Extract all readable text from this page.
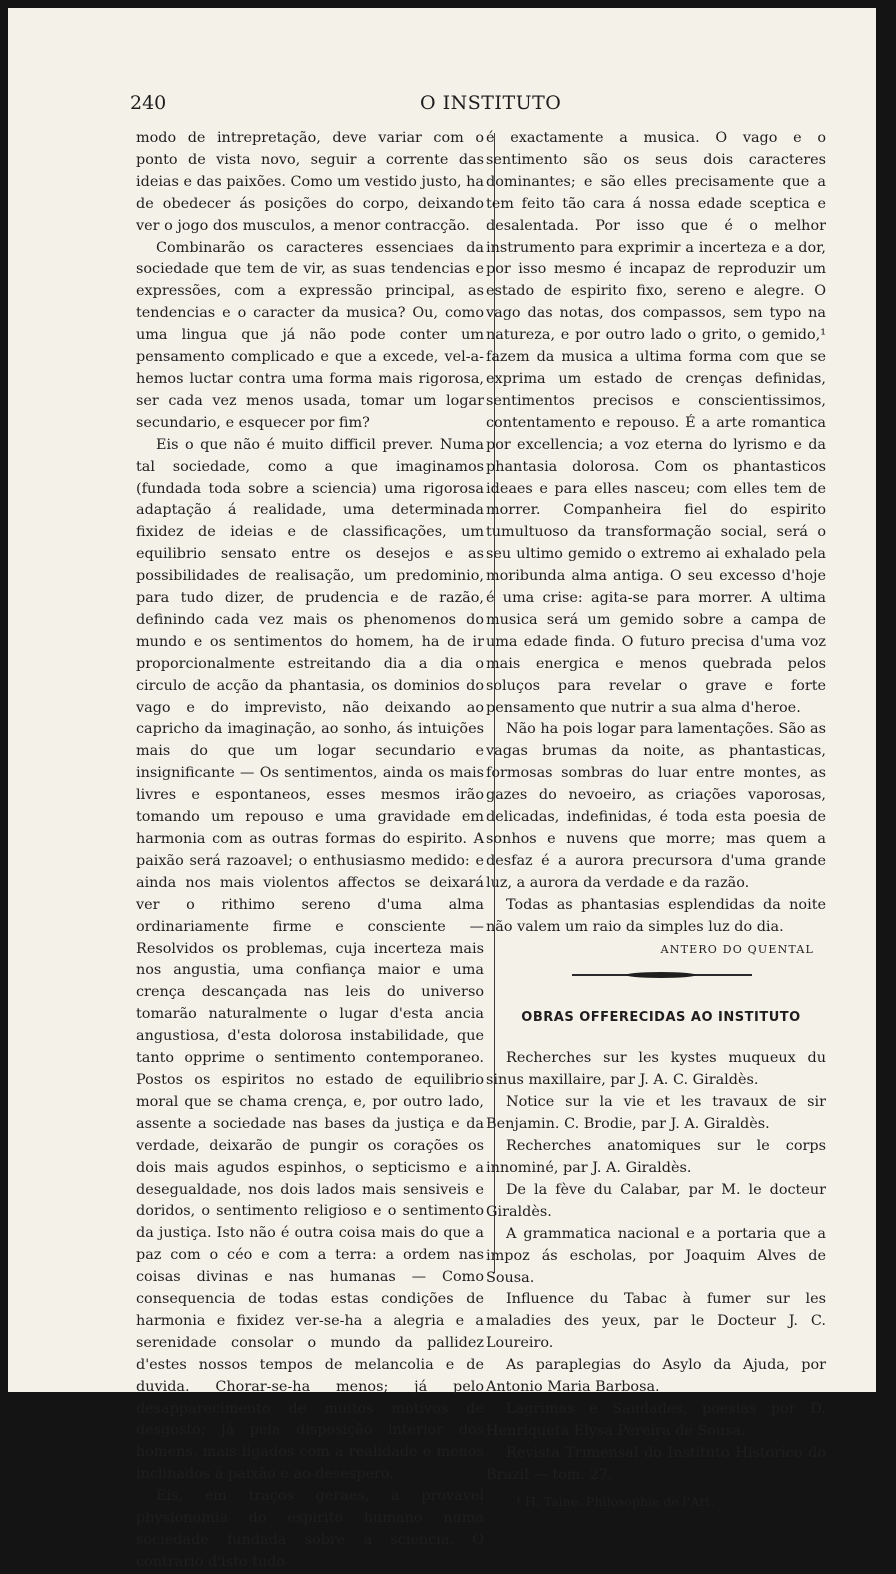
240	O INSTITUTO

modo de intrepretação, deve variar com o ponto de vista novo, seguir a corrente das ideias e das paixões. Como um vestido justo, ha de obedecer ás posições do corpo, deixando ver o jogo dos musculos, a menor contracção.

Combinarão os caracteres essenciaes da sociedade que tem de vir, as suas tendencias e expressões, com a expressão principal, as tendencias e o caracter da musica? Ou, como uma lingua que já não pode conter um pensamento complicado e que a excede, vel-a-hemos luctar contra uma forma mais rigorosa, ser cada vez menos usada, tomar um logar secundario, e esquecer por fim?

Eis o que não é muito difficil prever. Numa tal sociedade, como a que imaginamos (fundada toda sobre a sciencia) uma rigorosa adaptação á realidade, uma determinada fixidez de ideias e de classificações, um equilibrio sensato entre os desejos e as possibilidades de realisação, um predominio, para tudo dizer, de prudencia e de razão, definindo cada vez mais os phenomenos do mundo e os sentimentos do homem, ha de ir proporcionalmente estreitando dia a dia o circulo de acção da phantasia, os dominios do vago e do imprevisto, não deixando ao capricho da imaginação, ao sonho, ás intuições mais do que um logar secundario e insignificante — Os sentimentos, ainda os mais livres e espontaneos, esses mesmos irão tomando um repouso e uma gravidade em harmonia com as outras formas do espirito. A paixão será razoavel; o enthusiasmo medido: e ainda nos mais violentos affectos se deixará ver o rithimo sereno d'uma alma ordinariamente firme e consciente — Resolvidos os problemas, cuja incerteza mais nos angustia, uma confiança maior e uma crença descançada nas leis do universo tomarão naturalmente o lugar d'esta ancia angustiosa, d'esta dolorosa instabilidade, que tanto opprime o sentimento contemporaneo. Postos os espiritos no estado de equilibrio moral que se chama crença, e, por outro lado, assente a sociedade nas bases da justiça e da verdade, deixarão de pungir os corações os dois mais agudos espinhos, o septicismo e a desegualdade, nos dois lados mais sensiveis e doridos, o sentimento religioso e o sentimento da justiça. Isto não é outra coisa mais do que a paz com o céo e com a terra: a ordem nas coisas divinas e nas humanas — Como consequencia de todas estas condições de harmonia e fixidez ver-se-ha a alegria e a serenidade consolar o mundo da pallidez d'estes nossos tempos de melancolia e de duvida. Chorar-se-ha menos; já pelo desapparecimento de muitos motivos de desgosto; já pela disposição interior dos homens, mais ligados com a realidade e menos inclinados á paixão e ao desespero.

Eis, em traços geraes, a provavel physionomia do espirito humano numa sociedade fundada sobre a sciencia. O contrario d'isto tudo

é exactamente a musica. O vago e o sentimento são os seus dois caracteres dominantes; e são elles precisamente que a tem feito tão cara á nossa edade sceptica e desalentada. Por isso que é o melhor instrumento para exprimir a incerteza e a dor, por isso mesmo é incapaz de reproduzir um estado de espirito fixo, sereno e alegre. O vago das notas, dos compassos, sem typo na natureza, e por outro lado o grito, o gemido,¹ fazem da musica a ultima forma com que se exprima um estado de crenças definidas, sentimentos precisos e conscientissimos, contentamento e repouso. É a arte romantica por excellencia; a voz eterna do lyrismo e da phantasia dolorosa. Com os phantasticos ideaes e para elles nasceu; com elles tem de morrer. Companheira fiel do espirito tumultuoso da transformação social, será o seu ultimo gemido o extremo ai exhalado pela moribunda alma antiga. O seu excesso d'hoje é uma crise: agita-se para morrer. A ultima musica será um gemido sobre a campa de uma edade finda. O futuro precisa d'uma voz mais energica e menos quebrada pelos soluços para revelar o grave e forte pensamento que nutrir a sua alma d'heroe.

Não ha pois logar para lamentações. São as vagas brumas da noite, as phantasticas, formosas sombras do luar entre montes, as gazes do nevoeiro, as criações vaporosas, delicadas, indefinidas, é toda esta poesia de sonhos e nuvens que morre; mas quem a desfaz é a aurora precursora d'uma grande luz, a aurora da verdade e da razão.

Todas as phantasias esplendidas da noite não valem um raio da simples luz do dia.

ANTERO DO QUENTAL
OBRAS OFFERECIDAS AO INSTITUTO

Recherches sur les kystes muqueux du sinus maxillaire, par J. A. C. Giraldès.

Notice sur la vie et les travaux de sir Benjamin. C. Brodie, par J. A. Giraldès.

Recherches anatomiques sur le corps innominé, par J. A. Giraldès.

De la fève du Calabar, par M. le docteur Giraldès.

A grammatica nacional e a portaria que a impoz ás escholas, por Joaquim Alves de Sousa.

Influence du Tabac à fumer sur les maladies des yeux, par le Docteur J. C. Loureiro.

As paraplegias do Asylo da Ajuda, por Antonio Maria Barbosa.

Lagrimas e Saudades, poesias por D. Henriqueta Elysa Pereira de Sousa.

Revista Trimensal do Instituto Historico do Brazil — tom. 27.

¹ H. Taine. Philosophie de l'Art.
